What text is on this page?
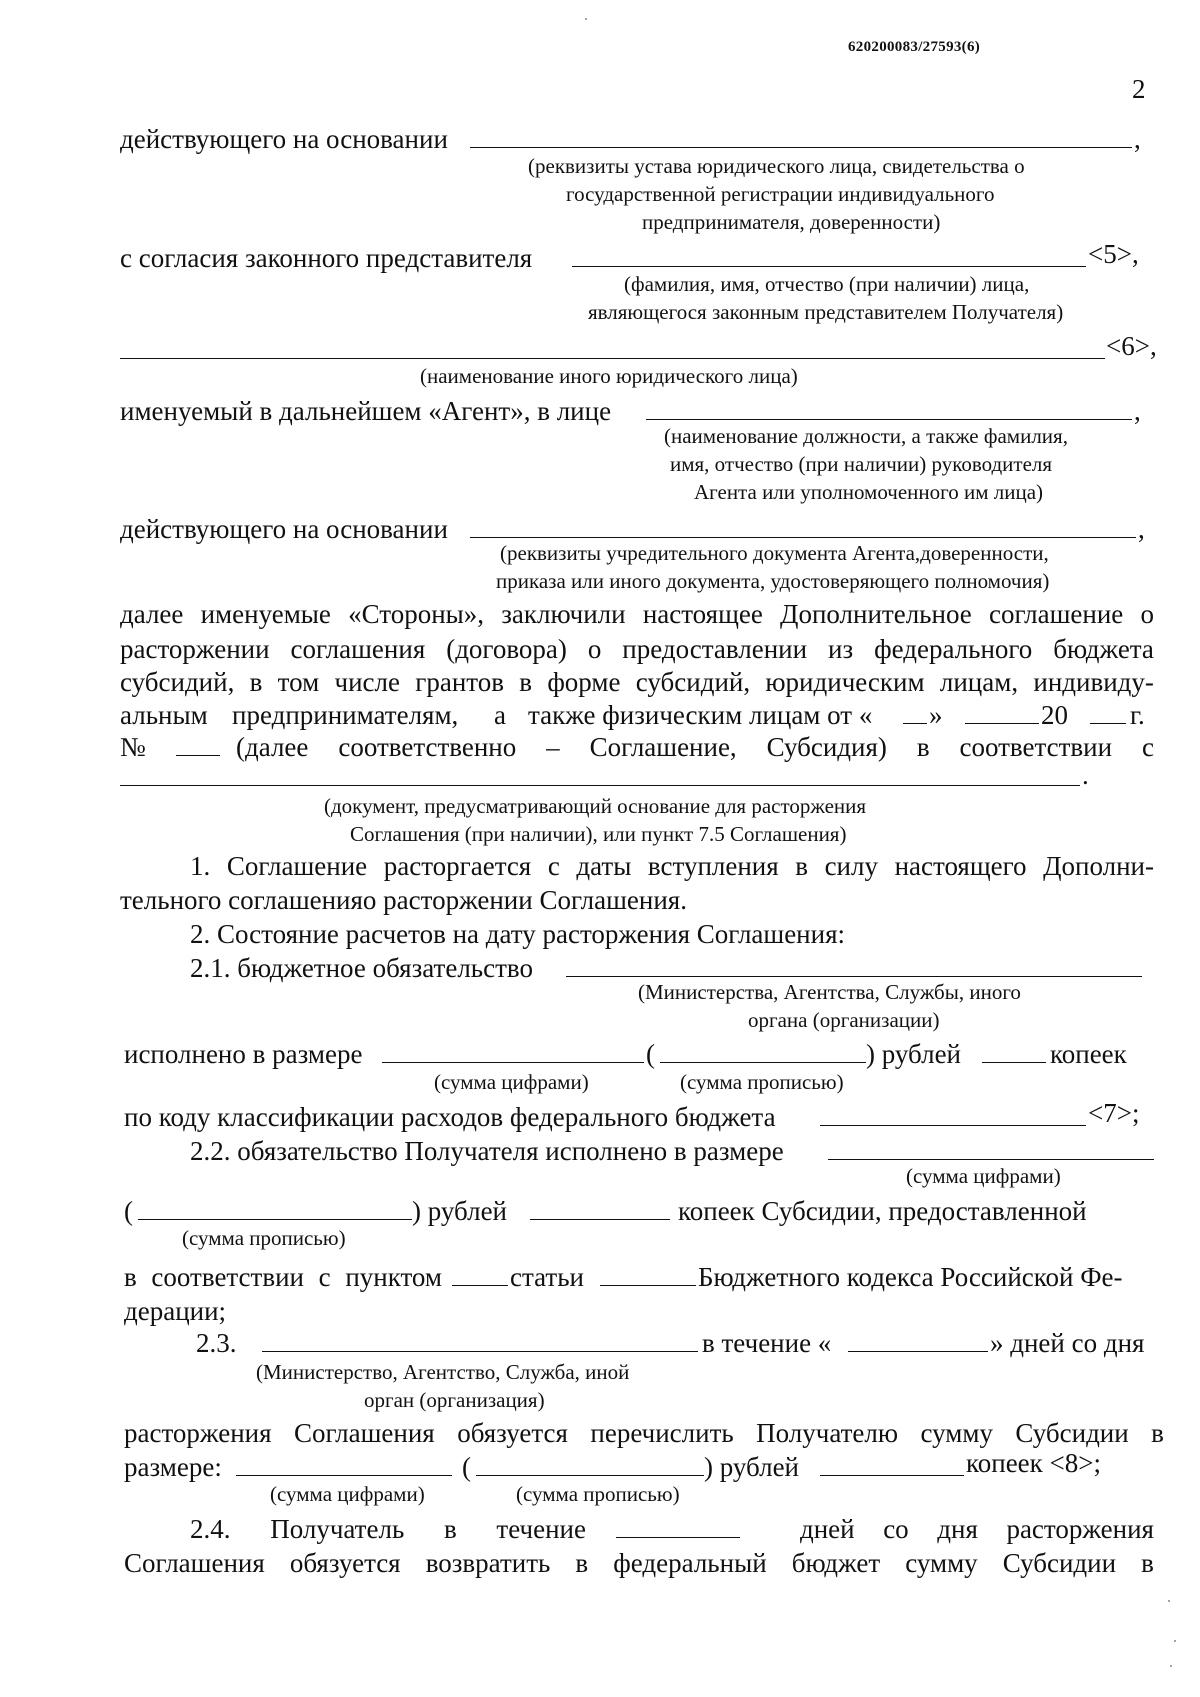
620200083/27593(6)
2
действующего на основании	,
(реквизиты устава юридического лица, свидетельства о
государственной регистрации индивидуального
предпринимателя, доверенности)
с согласия законного представителя	<5>,
(фамилия, имя, отчество (при наличии) лица,
являющегося законным представителем Получателя)
<6>,
(наименование иного юридического лица)
именуемый в дальнейшем «Агент», в лице	,
(наименование должности, а также фамилия,
имя, отчество (при наличии) руководителя
Агента или уполномоченного им лица)
действующего на основании	,
(реквизиты учредительного документа Агента,доверенности,
приказа или иного документа, удостоверяющего полномочия)
далее именуемые «Стороны», заключили настоящее Дополнительное соглашение о
расторжении соглашения (договора) о предоставлении из федерального бюджета
субсидий, в том числе грантов в форме субсидий, юридическим лицам, индивиду-
альным предпринимателям, а также физическим лицам от « »	20 г.
№	(далее соответственно – Соглашение, Субсидия) в соответствии с
.
(документ, предусматривающий основание для расторжения
Соглашения (при наличии), или пункт 7.5 Соглашения)
1. Соглашение расторгается с даты вступления в силу настоящего Дополни-
тельного соглашенияо расторжении Соглашения.
2. Состояние расчетов на дату расторжения Соглашения:
2.1. бюджетное обязательство
(Министерства, Агентства, Службы, иного
органа (организации)
исполнено в размере	(	) рублей	копеек
(сумма цифрами)	(сумма прописью)
по коду классификации расходов федерального бюджета	<7>;
2.2. обязательство Получателя исполнено в размере
(сумма цифрами)
(	) рублей	копеек Субсидии, предоставленной
(сумма прописью)
в соответствии с пунктом	статьи	Бюджетного кодекса Российской Фе-
дерации;
2.3.	в течение «	» дней со дня
(Министерство, Агентство, Служба, иной
орган (организация)
расторжения Соглашения обязуется перечислить Получателю сумму Субсидии в
размере:	(	) рублей	копеек <8>;
(сумма цифрами)	(сумма прописью)
2.4. Получатель в течение	дней со дня расторжения
Соглашения обязуется возвратить в федеральный бюджет сумму Субсидии в
